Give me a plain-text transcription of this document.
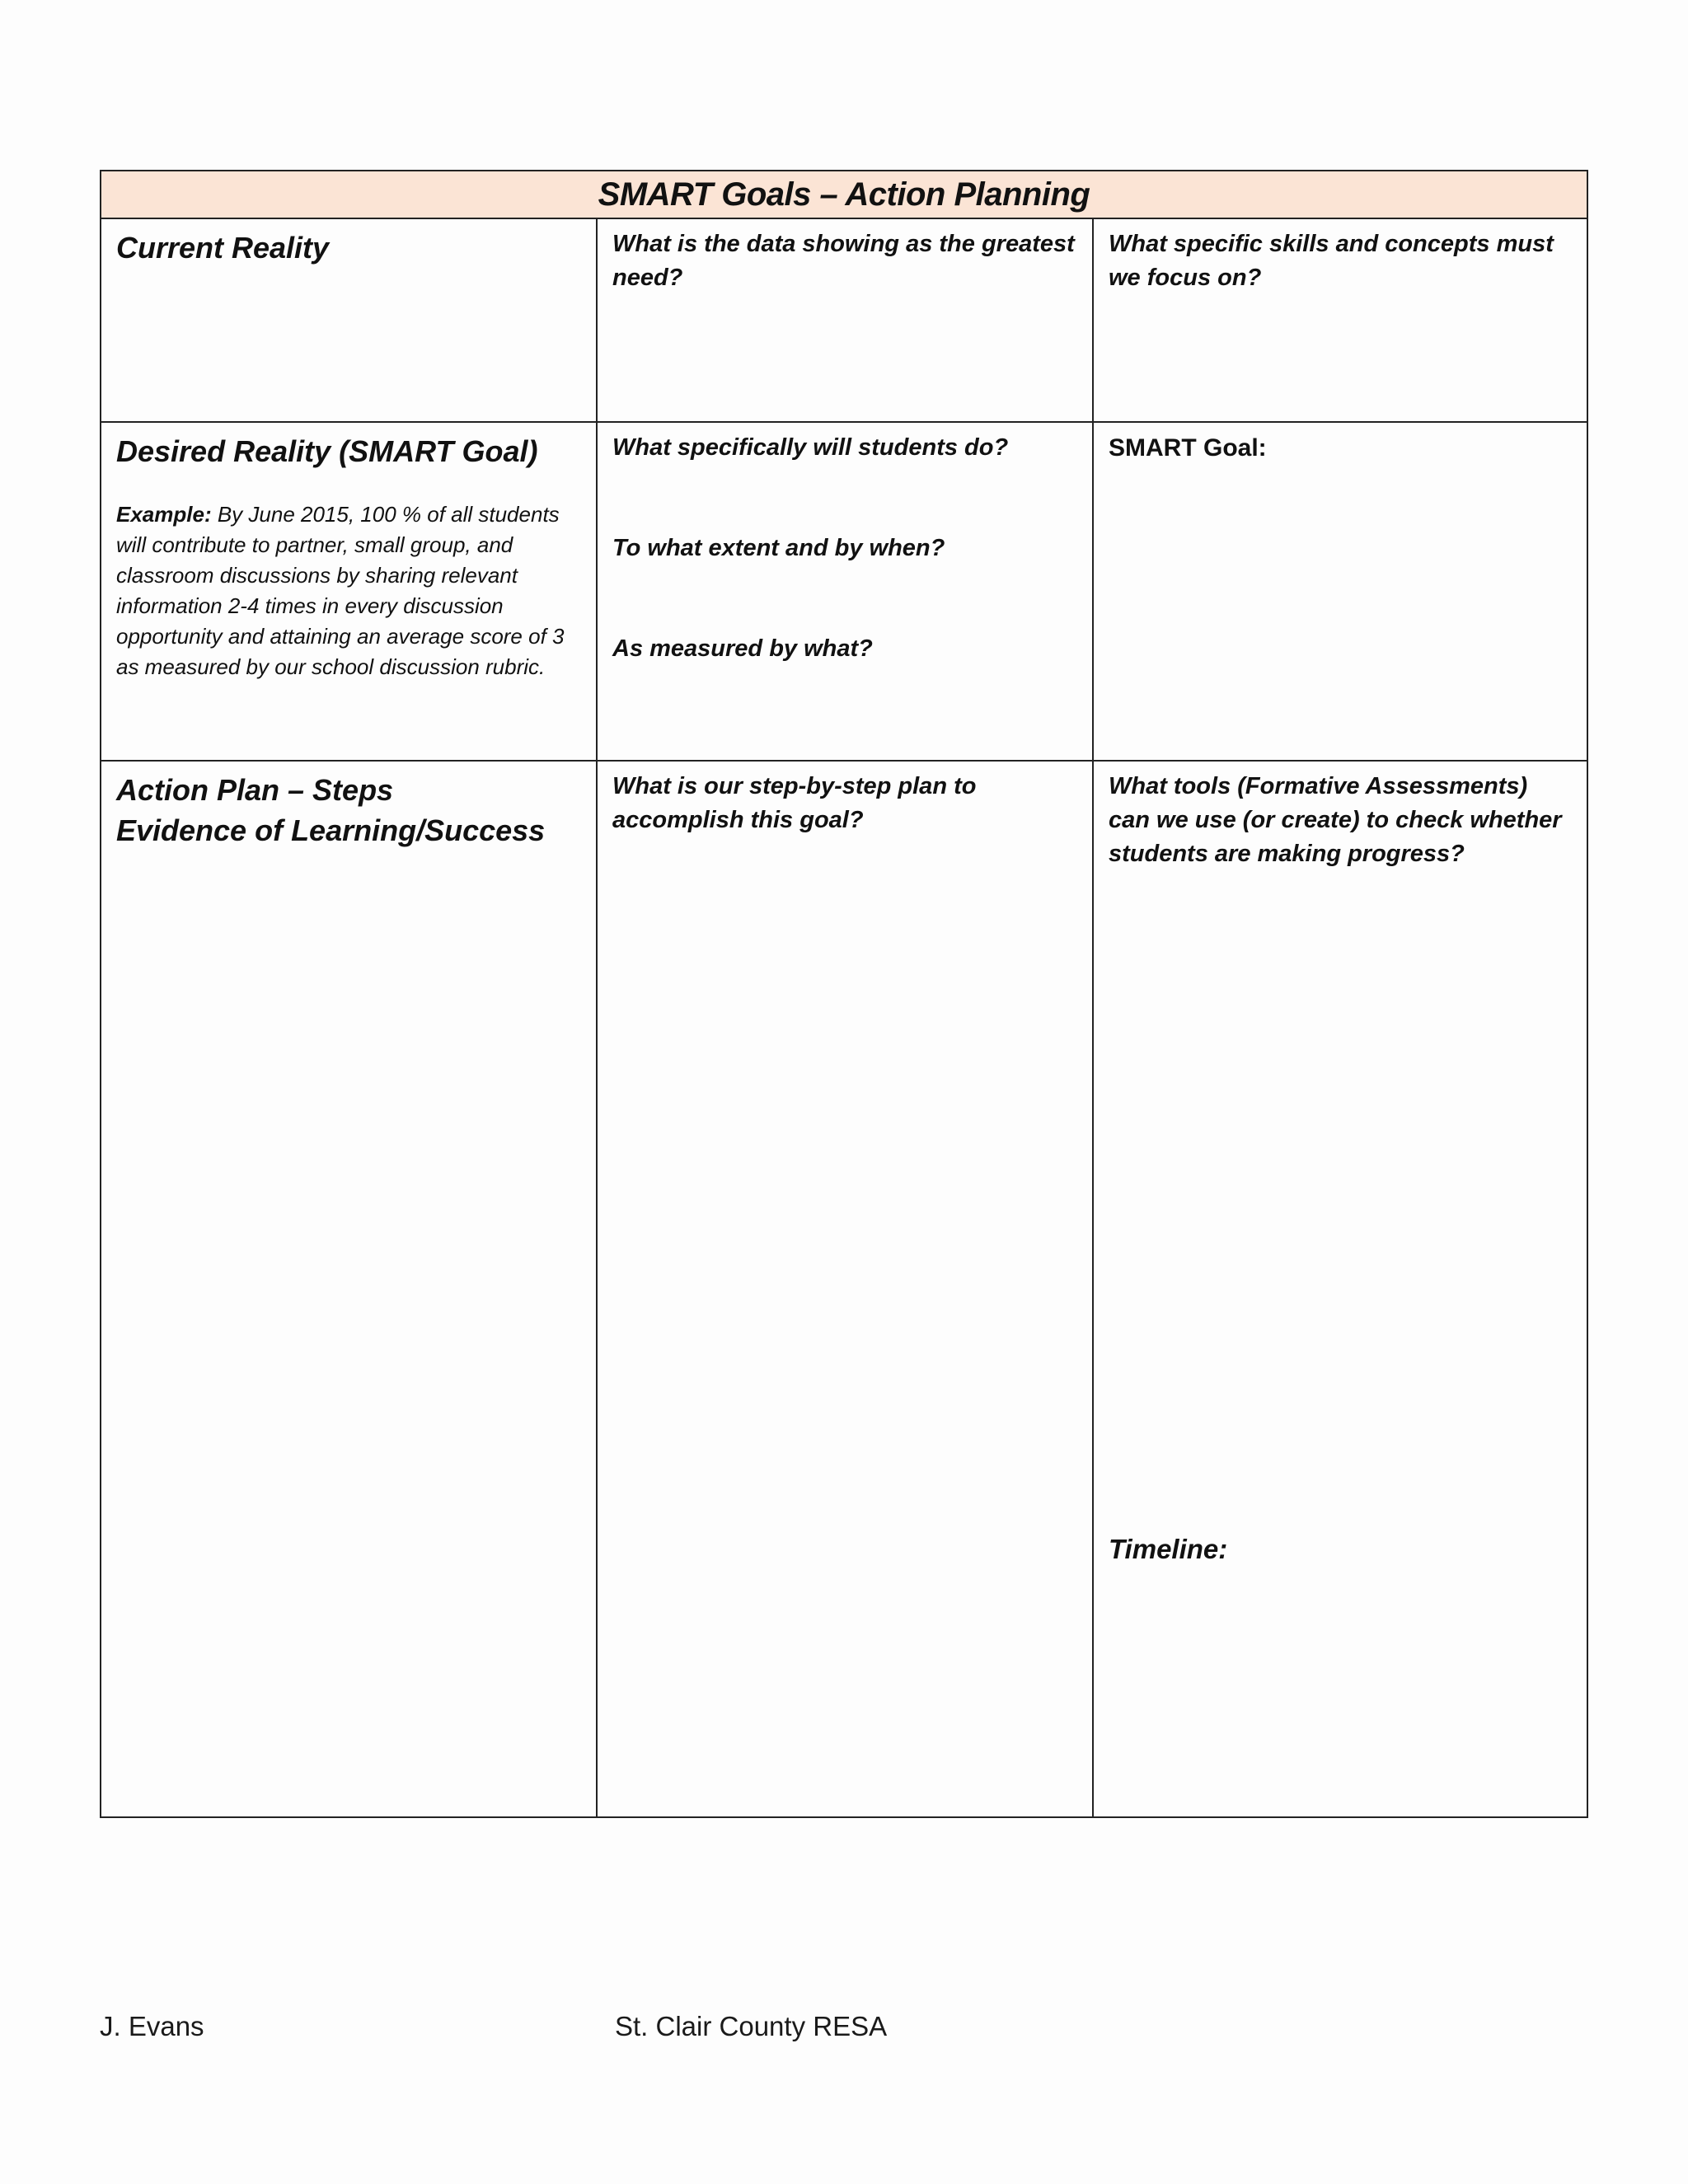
SMART Goals – Action Planning

Current Reality	What is the data showing as the greatest need?

What specific skills and concepts must we focus on?

Desired Reality (SMART Goal)

Example: By June 2015, 100 % of all students will contribute to partner, small group, and classroom discussions by sharing relevant information 2-4 times in every discussion opportunity and attaining an average score of 3 as measured by our school discussion rubric.

What specifically will students do?

To what extent and by when?

As measured by what?

SMART Goal:

Action Plan – Steps

Evidence of Learning/Success

What is our step-by-step plan to accomplish this goal?

What tools (Formative Assessments) can we use (or create) to check whether students are making progress?

Timeline:
J. Evans	St. Clair County RESA
